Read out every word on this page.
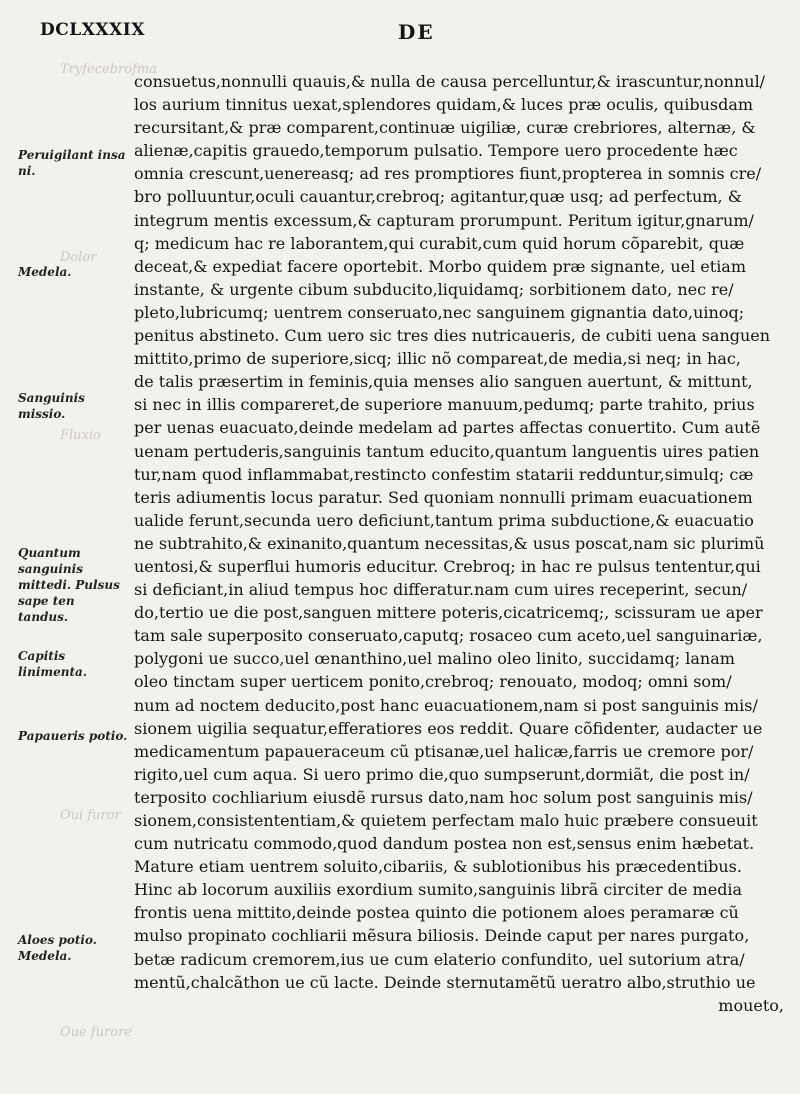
DCLXXXIX	DE
Tryfecebrofma
Dolor
Fluxio
Oui furor
Oue furore
Peruigilant insa ni.
Medela.
Sanguinis missio.
Quantum sanguinis mittedi. Pulsus sape ten tandus.
Capitis linimenta.
Papaueris potio.
Aloes potio. Medela.
consuetus,nonnulli quauis,& nulla de causa percelluntur,& irascuntur,nonnul/
los aurium tinnitus uexat,splendores quidam,& luces præ oculis, quibusdam
recursitant,& præ comparent,continuæ uigiliæ, curæ crebriores, alternæ, &
alienæ,capitis grauedo,temporum pulsatio. Tempore uero procedente hæc
omnia crescunt,uenereasq; ad res promptiores fiunt,propterea in somnis cre/
bro polluuntur,oculi cauantur,crebroq; agitantur,quæ usq; ad perfectum, &
integrum mentis excessum,& capturam prorumpunt. Peritum igitur,gnarum/
q; medicum hac re laborantem,qui curabit,cum quid horum cõparebit, quæ
deceat,& expediat facere oportebit. Morbo quidem præ signante, uel etiam
instante, & urgente cibum subducito,liquidamq; sorbitionem dato, nec re/
pleto,lubricumq; uentrem conseruato,nec sanguinem gignantia dato,uinoq;
penitus abstineto. Cum uero sic tres dies nutricaueris, de cubiti uena sanguen
mittito,primo de superiore,sicq; illic nõ compareat,de media,si neq; in hac,
de talis præsertim in feminis,quia menses alio sanguen auertunt, & mittunt,
si nec in illis compareret,de superiore manuum,pedumq; parte trahito, prius
per uenas euacuato,deinde medelam ad partes affectas conuertito. Cum autẽ
uenam pertuderis,sanguinis tantum educito,quantum languentis uires patien
tur,nam quod inflammabat,restincto confestim statarii redduntur,simulq; cæ
teris adiumentis locus paratur. Sed quoniam nonnulli primam euacuationem
ualide ferunt,secunda uero deficiunt,tantum prima subductione,& euacuatio
ne subtrahito,& exinanito,quantum necessitas,& usus poscat,nam sic plurimũ
uentosi,& superflui humoris educitur. Crebroq; in hac re pulsus tententur,qui
si deficiant,in aliud tempus hoc differatur.nam cum uires receperint, secun/
do,tertio ue die post,sanguen mittere poteris,cicatricemq;, scissuram ue aper
tam sale superposito conseruato,caputq; rosaceo cum aceto,uel sanguinariæ,
polygoni ue succo,uel œnanthino,uel malino oleo linito, succidamq; lanam
oleo tinctam super uerticem ponito,crebroq; renouato, modoq; omni som/
num ad noctem deducito,post hanc euacuationem,nam si post sanguinis mis/
sionem uigilia sequatur,efferatiores eos reddit. Quare cõfidenter, audacter ue
medicamentum papaueraceum cũ ptisanæ,uel halicæ,farris ue cremore por/
rigito,uel cum aqua. Si uero primo die,quo sumpserunt,dormiãt, die post in/
terposito cochliarium eiusdẽ rursus dato,nam hoc solum post sanguinis mis/
sionem,consistententiam,& quietem perfectam malo huic præbere consueuit
cum nutricatu commodo,quod dandum postea non est,sensus enim hæbetat.
Mature etiam uentrem soluito,cibariis, & sublotionibus his præcedentibus.
Hinc ab locorum auxiliis exordium sumito,sanguinis librã circiter de media
frontis uena mittito,deinde postea quinto die potionem aloes peramaræ cũ
mulso propinato cochliarii mẽsura biliosis. Deinde caput per nares purgato,
betæ radicum cremorem,ius ue cum elaterio confundito, uel sutorium atra/
mentũ,chalcãthon ue cũ lacte. Deinde sternutamẽtũ ueratro albo,struthio ue
moueto,
